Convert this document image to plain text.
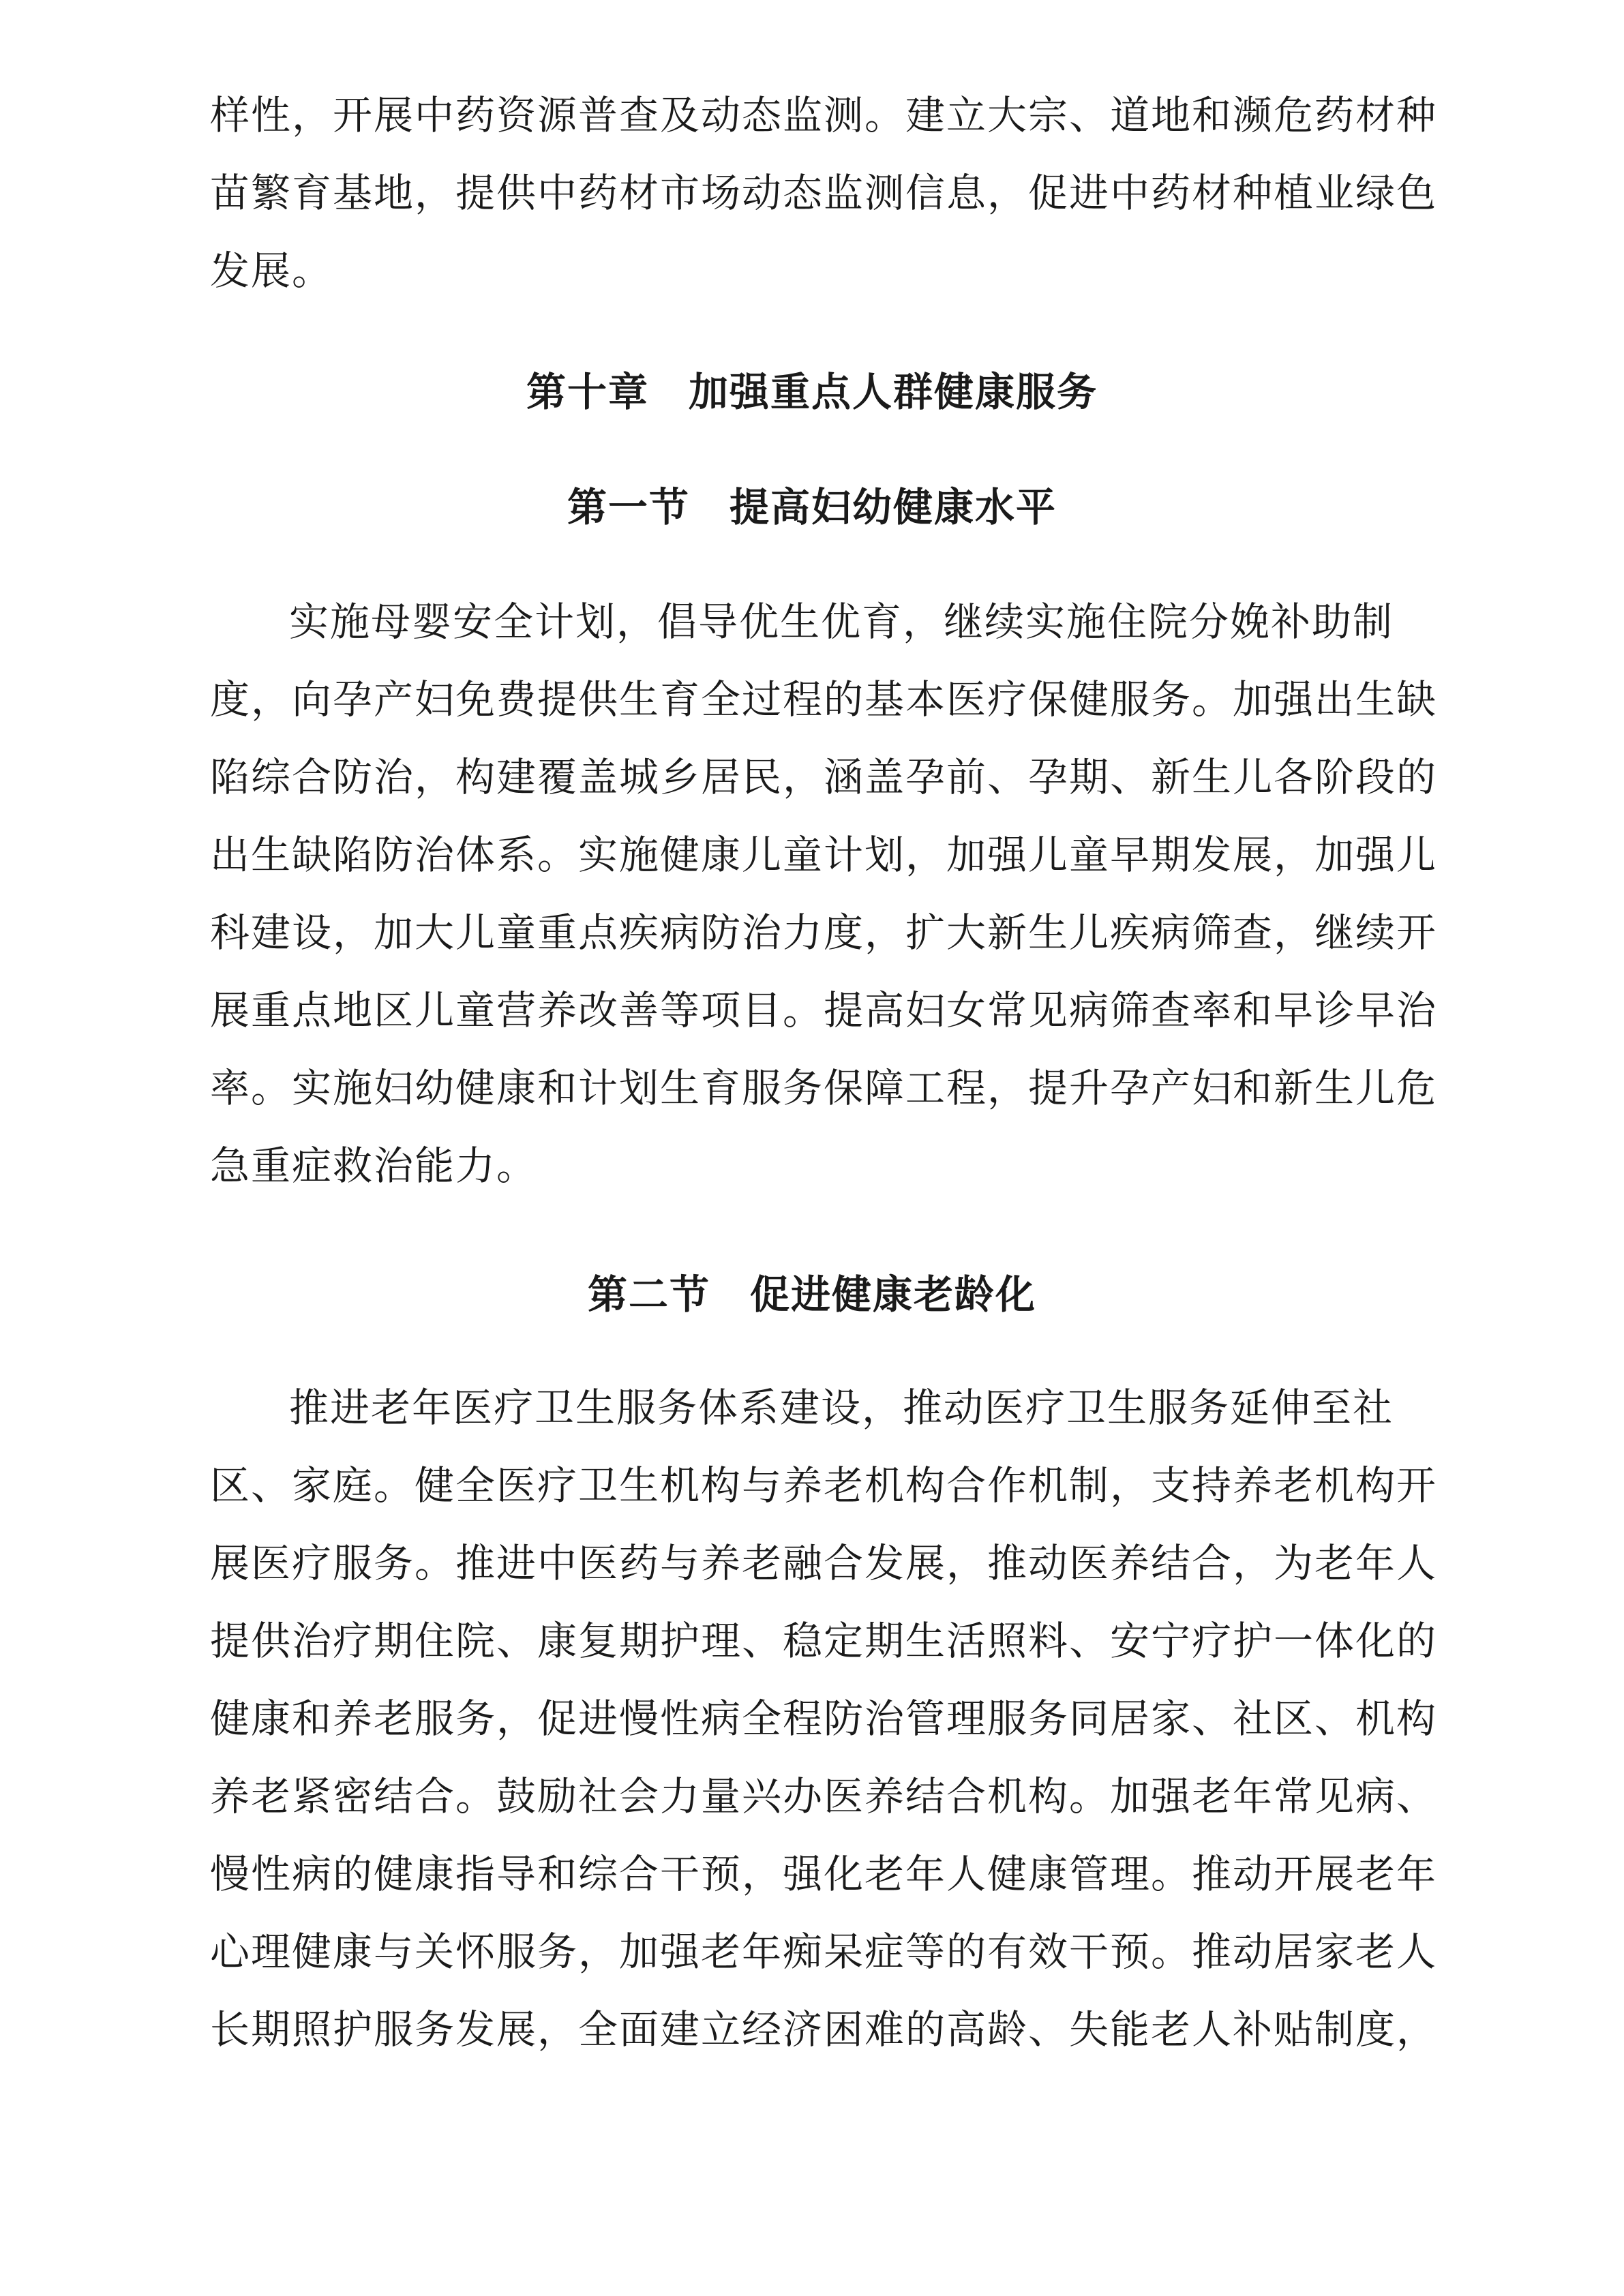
样性，开展中药资源普查及动态监测。建立大宗、道地和濒危药材种
苗繁育基地，提供中药材市场动态监测信息，促进中药材种植业绿色
发展。
第十章 加强重点人群健康服务
第一节 提高妇幼健康水平
实施母婴安全计划，倡导优生优育，继续实施住院分娩补助制
度，向孕产妇免费提供生育全过程的基本医疗保健服务。加强出生缺
陷综合防治，构建覆盖城乡居民，涵盖孕前、孕期、新生儿各阶段的
出生缺陷防治体系。实施健康儿童计划，加强儿童早期发展，加强儿
科建设，加大儿童重点疾病防治力度，扩大新生儿疾病筛查，继续开
展重点地区儿童营养改善等项目。提高妇女常见病筛查率和早诊早治
率。实施妇幼健康和计划生育服务保障工程，提升孕产妇和新生儿危
急重症救治能力。
第二节 促进健康老龄化
推进老年医疗卫生服务体系建设，推动医疗卫生服务延伸至社
区、家庭。健全医疗卫生机构与养老机构合作机制，支持养老机构开
展医疗服务。推进中医药与养老融合发展，推动医养结合，为老年人
提供治疗期住院、康复期护理、稳定期生活照料、安宁疗护一体化的
健康和养老服务，促进慢性病全程防治管理服务同居家、社区、机构
养老紧密结合。鼓励社会力量兴办医养结合机构。加强老年常见病、
慢性病的健康指导和综合干预，强化老年人健康管理。推动开展老年
心理健康与关怀服务，加强老年痴呆症等的有效干预。推动居家老人
长期照护服务发展，全面建立经济困难的高龄、失能老人补贴制度，
